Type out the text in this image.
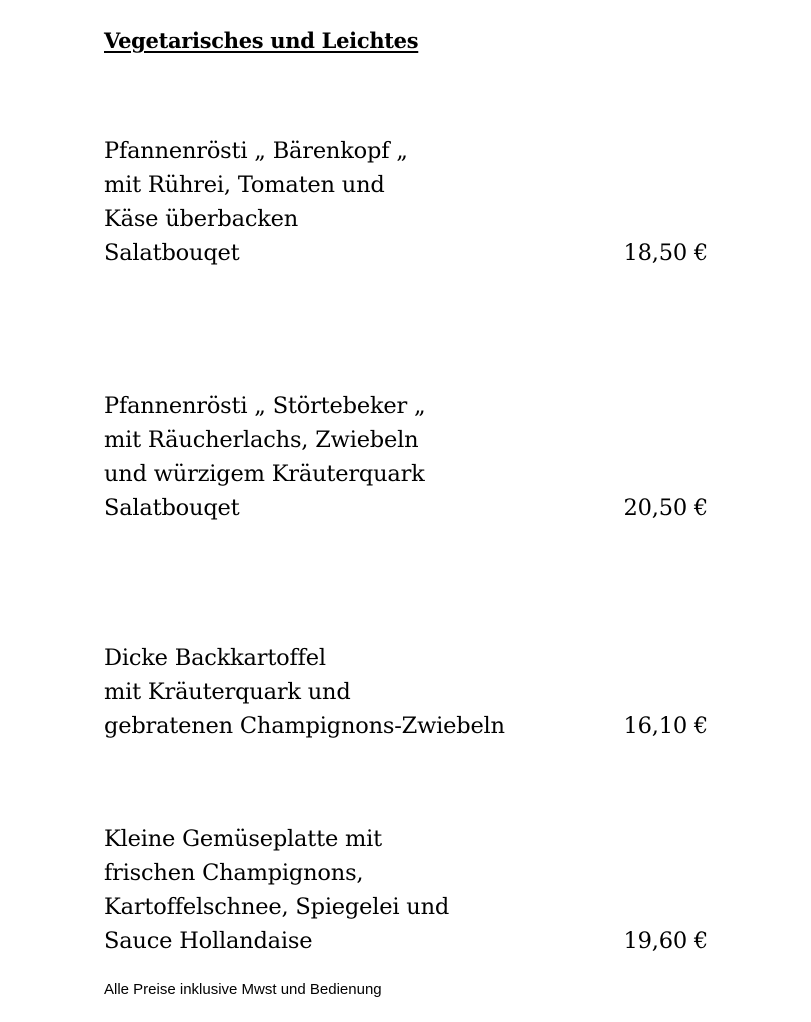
Vegetarisches und Leichtes
Pfannenrösti „ Bärenkopf „
mit Rührei, Tomaten und
Käse überbacken
Salatbouqet	18,50 €
Pfannenrösti „ Störtebeker „
mit Räucherlachs, Zwiebeln
und würzigem Kräuterquark
Salatbouqet	20,50 €
Dicke Backkartoffel
mit Kräuterquark und
gebratenen Champignons-Zwiebeln	16,10 €
Kleine Gemüseplatte mit
frischen Champignons,
Kartoffelschnee, Spiegelei und
Sauce Hollandaise	19,60 €
Alle Preise inklusive Mwst und Bedienung
